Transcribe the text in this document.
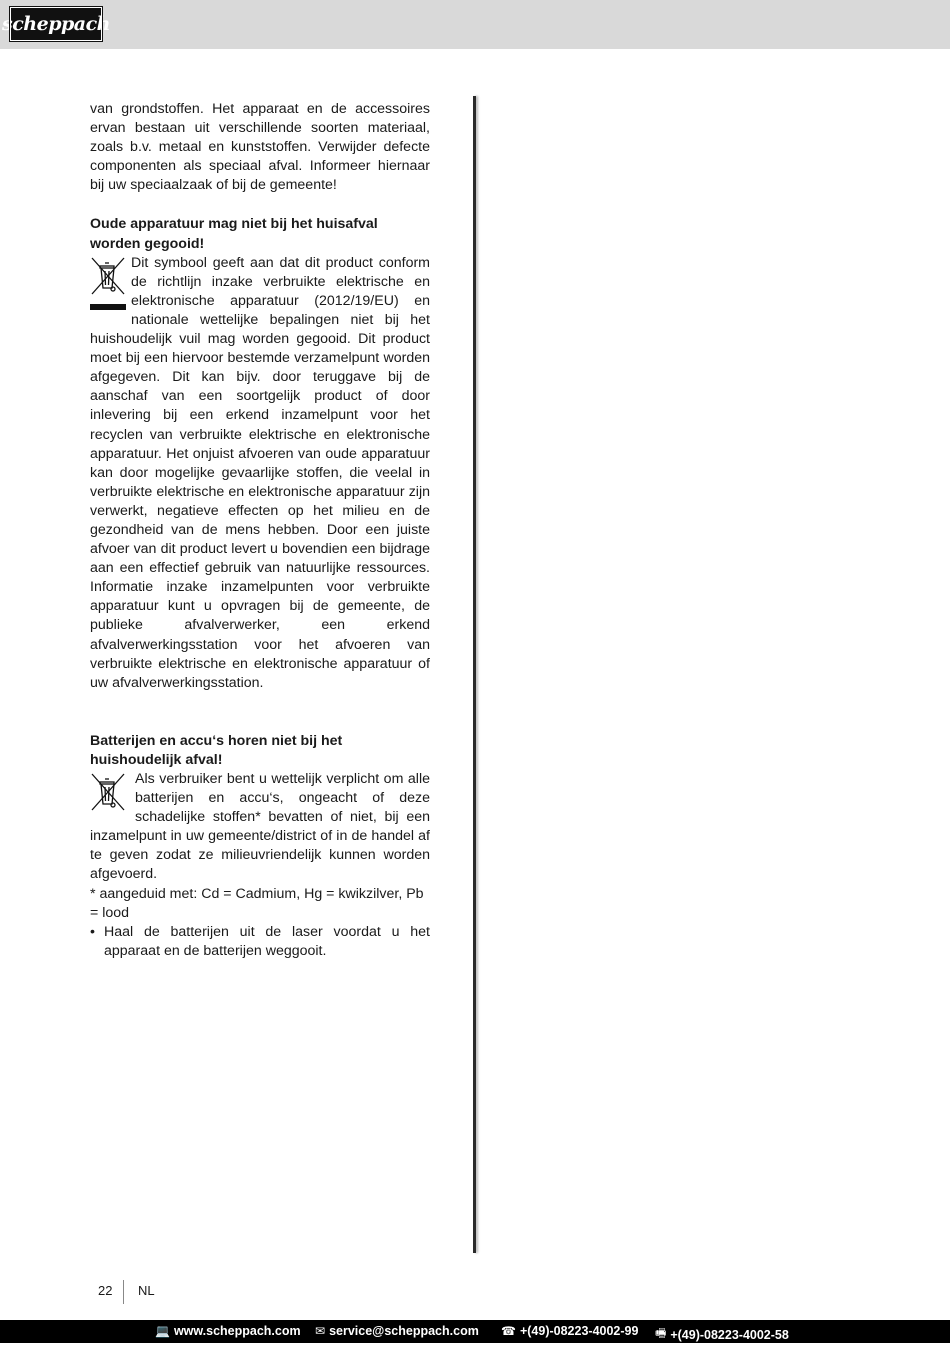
scheppach

van grondstoffen. Het apparaat en de accessoires ervan bestaan uit verschillende soorten materiaal, zoals b.v. metaal en kunststoffen. Verwijder defecte componenten als speciaal afval. Informeer hiernaar bij uw speciaalzaak of bij de gemeente!

Oude apparatuur mag niet bij het huisafval worden gegooid!

Dit symbool geeft aan dat dit product conform de richtlijn inzake verbruikte elektrische en elektronische apparatuur (2012/19/EU) en nationale wettelijke bepalingen niet bij het huishoudelijk vuil mag worden gegooid. Dit product moet bij een hiervoor bestemde verzamelpunt worden afgegeven. Dit kan bijv. door teruggave bij de aanschaf van een soortgelijk product of door inlevering bij een erkend inzamelpunt voor het recyclen van verbruikte elektrische en elektronische apparatuur. Het onjuist afvoeren van oude apparatuur kan door mogelijke gevaarlijke stoffen, die veelal in verbruikte elektrische en elektronische apparatuur zijn verwerkt, negatieve effecten op het milieu en de gezondheid van de mens hebben. Door een juiste afvoer van dit product levert u bovendien een bijdrage aan een effectief gebruik van natuurlijke ressources. Informatie inzake inzamelpunten voor verbruikte apparatuur kunt u opvragen bij de gemeente, de publieke afvalverwerker, een erkend afvalverwerkingsstation voor het afvoeren van verbruikte elektrische en elektronische apparatuur of uw afvalverwerkingsstation.

Batterijen en accu‘s horen niet bij het huishoudelijk afval!

Als verbruiker bent u wettelijk verplicht om alle batterijen en accu‘s, ongeacht of deze schadelijke stoffen* bevatten of niet, bij een inzamelpunt in uw gemeente/district of in de handel af te geven zodat ze milieuvriendelijk kunnen worden afgevoerd.

* aangeduid met: Cd = Cadmium, Hg = kwikzilver, Pb = lood

• Haal de batterijen uit de laser voordat u het apparaat en de batterijen weggooit.

22 NL
💻 www.scheppach.com ✉ service@scheppach.com ☎ +(49)-08223-4002-99 🖷 +(49)-08223-4002-58
